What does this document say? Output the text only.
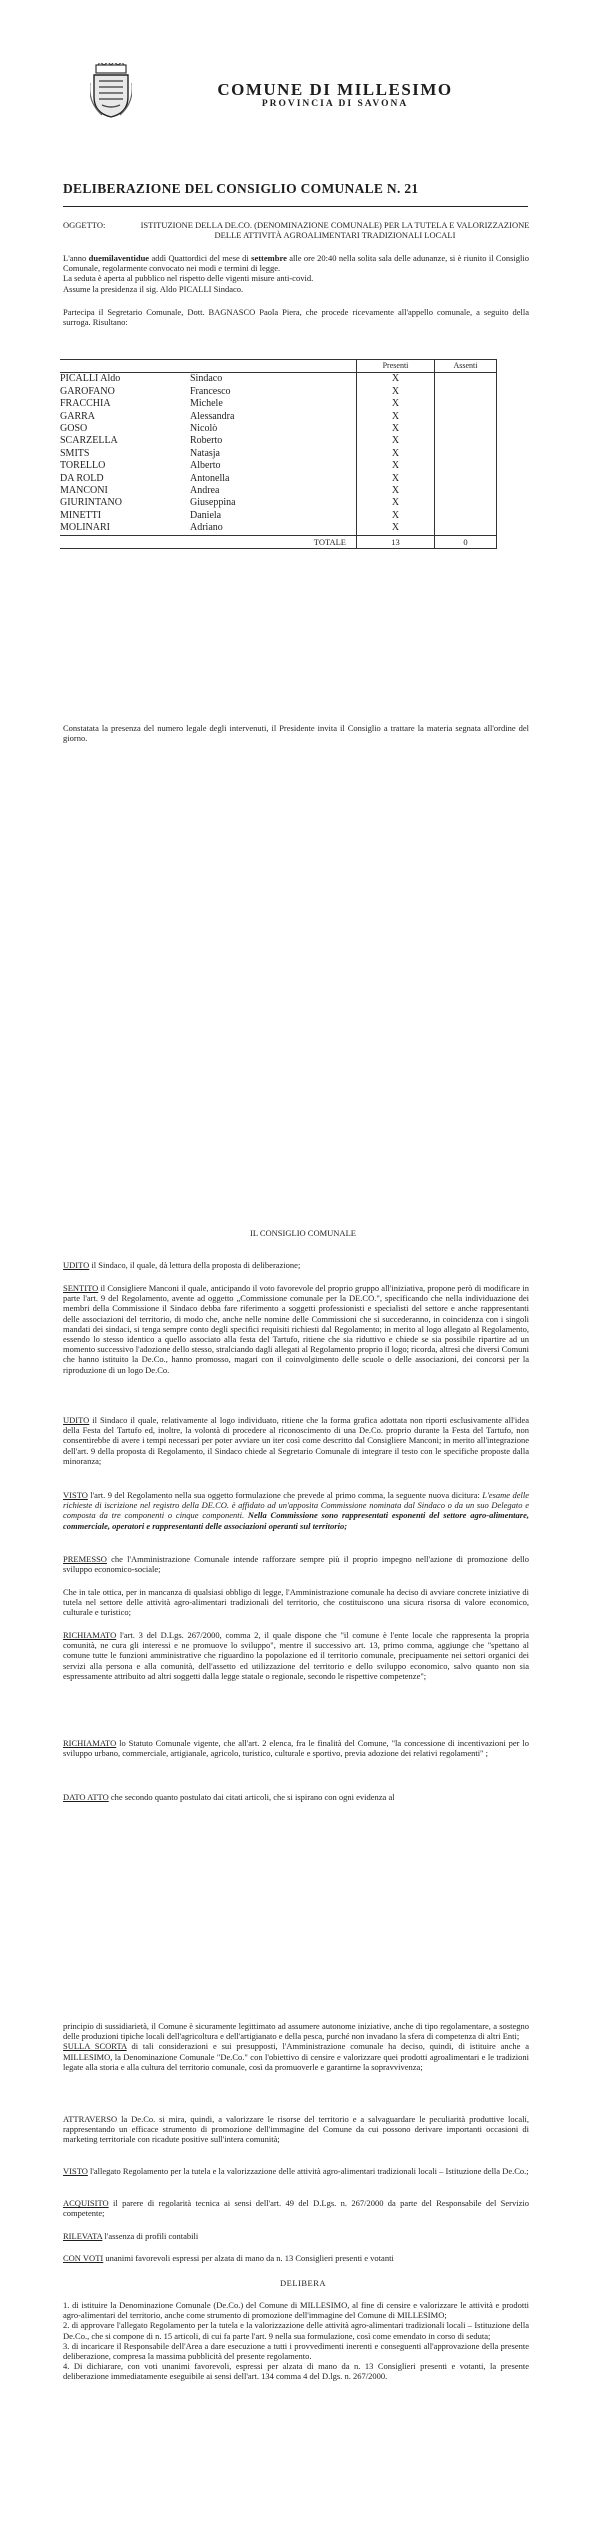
COMUNE DI MILLESIMO
PROVINCIA DI SAVONA
DELIBERAZIONE DEL CONSIGLIO COMUNALE N. 21
OGGETTO:	ISTITUZIONE DELLA DE.CO. (DENOMINAZIONE COMUNALE) PER LA TUTELA E VALORIZZAZIONE DELLE ATTIVITÀ AGROALIMENTARI TRADIZIONALI LOCALI
L'anno duemilaventidue addì Quattordici del mese di settembre alle ore 20:40 nella solita sala delle adunanze, si è riunito il Consiglio Comunale, regolarmente convocato nei modi e termini di legge.
La seduta è aperta al pubblico nel rispetto delle vigenti misure anti-covid.
Assume la presidenza il sig. Aldo PICALLI Sindaco.
Partecipa il Segretario Comunale, Dott. BAGNASCO Paola Piera, che procede ricevamente all'appello comunale, a seguito della surroga. Risultano:
		Presenti	Assenti
PICALLI Aldo	Sindaco	X	
GAROFANO	Francesco	X	
FRACCHIA	Michele	X	
GARRA	Alessandra	X	
GOSO	Nicolò	X	
SCARZELLA	Roberto	X	
SMITS	Natasja	X	
TORELLO	Alberto	X	
DA ROLD	Antonella	X	
MANCONI	Andrea	X	
GIURINTANO	Giuseppina	X	
MINETTI	Daniela	X	
MOLINARI	Adriano	X	
	TOTALE	13	0
Constatata la presenza del numero legale degli intervenuti, il Presidente invita il Consiglio a trattare la materia segnata all'ordine del giorno.
IL CONSIGLIO COMUNALE
UDITO il Sindaco, il quale, dà lettura della proposta di deliberazione;
SENTITO il Consigliere Manconi il quale, anticipando il voto favorevole del proprio gruppo all'iniziativa, propone però di modificare in parte l'art. 9 del Regolamento, avente ad oggetto „Commissione comunale per la DE.CO.", specificando che nella individuazione dei membri della Commissione il Sindaco debba fare riferimento a soggetti professionisti e specialisti del settore e anche rappresentanti delle associazioni del territorio, di modo che, anche nelle nomine delle Commissioni che si succederanno, in coincidenza con i singoli mandati dei sindaci, si tenga sempre conto degli specifici requisiti richiesti dal Regolamento; in merito al logo allegato al Regolamento, essendo lo stesso identico a quello associato alla festa del Tartufo, ritiene che sia riduttivo e chiede se sia possibile ripartire ad un momento successivo l'adozione dello stesso, stralciando dagli allegati al Regolamento proprio il logo; ricorda, altresì che diversi Comuni che hanno istituito la De.Co., hanno promosso, magari con il coinvolgimento delle scuole o delle associazioni, dei concorsi per la riproduzione di un logo De.Co.
UDITO il Sindaco il quale, relativamente al logo individuato, ritiene che la forma grafica adottata non riporti esclusivamente all'idea della Festa del Tartufo ed, inoltre, la volontà di procedere al riconoscimento di una De.Co. proprio durante la Festa del Tartufo, non consentirebbe di avere i tempi necessari per poter avviare un iter così come descritto dal Consigliere Manconi; in merito all'integrazione dell'art. 9 della proposta di Regolamento, il Sindaco chiede al Segretario Comunale di integrare il testo con le specifiche proposte dalla minoranza;
VISTO l'art. 9 del Regolamento nella sua oggetto formulazione che prevede al primo comma, la seguente nuova dicitura: L'esame delle richieste di iscrizione nel registro della DE.CO. è affidato ad un'apposita Commissione nominata dal Sindaco o da un suo Delegato e composta da tre componenti o cinque componenti. Nella Commissione sono rappresentati esponenti del settore agro-alimentare, commerciale, operatori e rappresentanti delle associazioni operanti sul territorio;
PREMESSO che l'Amministrazione Comunale intende rafforzare sempre più il proprio impegno nell'azione di promozione dello sviluppo economico-sociale;
Che in tale ottica, per in mancanza di qualsiasi obbligo di legge, l'Amministrazione comunale ha deciso di avviare concrete iniziative di tutela nel settore delle attività agro-alimentari tradizionali del territorio, che costituiscono una sicura risorsa di valore economico, culturale e turistico;
RICHIAMATO l'art. 3 del D.Lgs. 267/2000, comma 2, il quale dispone che "il comune è l'ente locale che rappresenta la propria comunità, ne cura gli interessi e ne promuove lo sviluppo", mentre il successivo art. 13, primo comma, aggiunge che "spettano al comune tutte le funzioni amministrative che riguardino la popolazione ed il territorio comunale, precipuamente nei settori organici dei servizi alla persona e alla comunità, dell'assetto ed utilizzazione del territorio e dello sviluppo economico, salvo quanto non sia espressamente attribuito ad altri soggetti dalla legge statale o regionale, secondo le rispettive competenze";
RICHIAMATO lo Statuto Comunale vigente, che all'art. 2 elenca, fra le finalità del Comune, "la concessione di incentivazioni per lo sviluppo urbano, commerciale, artigianale, agricolo, turistico, culturale e sportivo, previa adozione dei relativi regolamenti" ;
DATO ATTO che secondo quanto postulato dai citati articoli, che si ispirano con ogni evidenza al
principio di sussidiarietà, il Comune è sicuramente legittimato ad assumere autonome iniziative, anche di tipo regolamentare, a sostegno delle produzioni tipiche locali dell'agricoltura e dell'artigianato e della pesca, purché non invadano la sfera di competenza di altri Enti;
SULLA SCORTA di tali considerazioni e sui presupposti, l'Amministrazione comunale ha deciso, quindi, di istituire anche a MILLESIMO, la Denominazione Comunale "De.Co." con l'obiettivo di censire e valorizzare quei prodotti agroalimentari e le tradizioni legate alla storia e alla cultura del territorio comunale, così da promuoverle e garantirne la sopravvivenza;
ATTRAVERSO la De.Co. si mira, quindi, a valorizzare le risorse del territorio e a salvaguardare le peculiarità produttive locali, rappresentando un efficace strumento di promozione dell'immagine del Comune da cui possono derivare importanti occasioni di marketing territoriale con ricadute positive sull'intera comunità;
VISTO l'allegato Regolamento per la tutela e la valorizzazione delle attività agro-alimentari tradizionali locali – Istituzione della De.Co.;
ACQUISITO il parere di regolarità tecnica ai sensi dell'art. 49 del D.Lgs. n. 267/2000 da parte del Responsabile del Servizio competente;
RILEVATA l'assenza di profili contabili
CON VOTI unanimi favorevoli espressi per alzata di mano da n. 13 Consiglieri presenti e votanti
DELIBERA
1. di istituire la Denominazione Comunale (De.Co.) del Comune di MILLESIMO, al fine di censire e valorizzare le attività e prodotti agro-alimentari del territorio, anche come strumento di promozione dell'immagine del Comune di MILLESIMO;
2. di approvare l'allegato Regolamento per la tutela e la valorizzazione delle attività agro-alimentari tradizionali locali – Istituzione della De.Co., che si compone di n. 15 articoli, di cui fa parte l'art. 9 nella sua formulazione, così come emendato in corso di seduta;
3. di incaricare il Responsabile dell'Area a dare esecuzione a tutti i provvedimenti inerenti e conseguenti all'approvazione della presente deliberazione, compresa la massima pubblicità del presente regolamento.
4. Di dichiarare, con voti unanimi favorevoli, espressi per alzata di mano da n. 13 Consiglieri presenti e votanti, la presente deliberazione immediatamente eseguibile ai sensi dell'art. 134 comma 4 del D.lgs. n. 267/2000.
